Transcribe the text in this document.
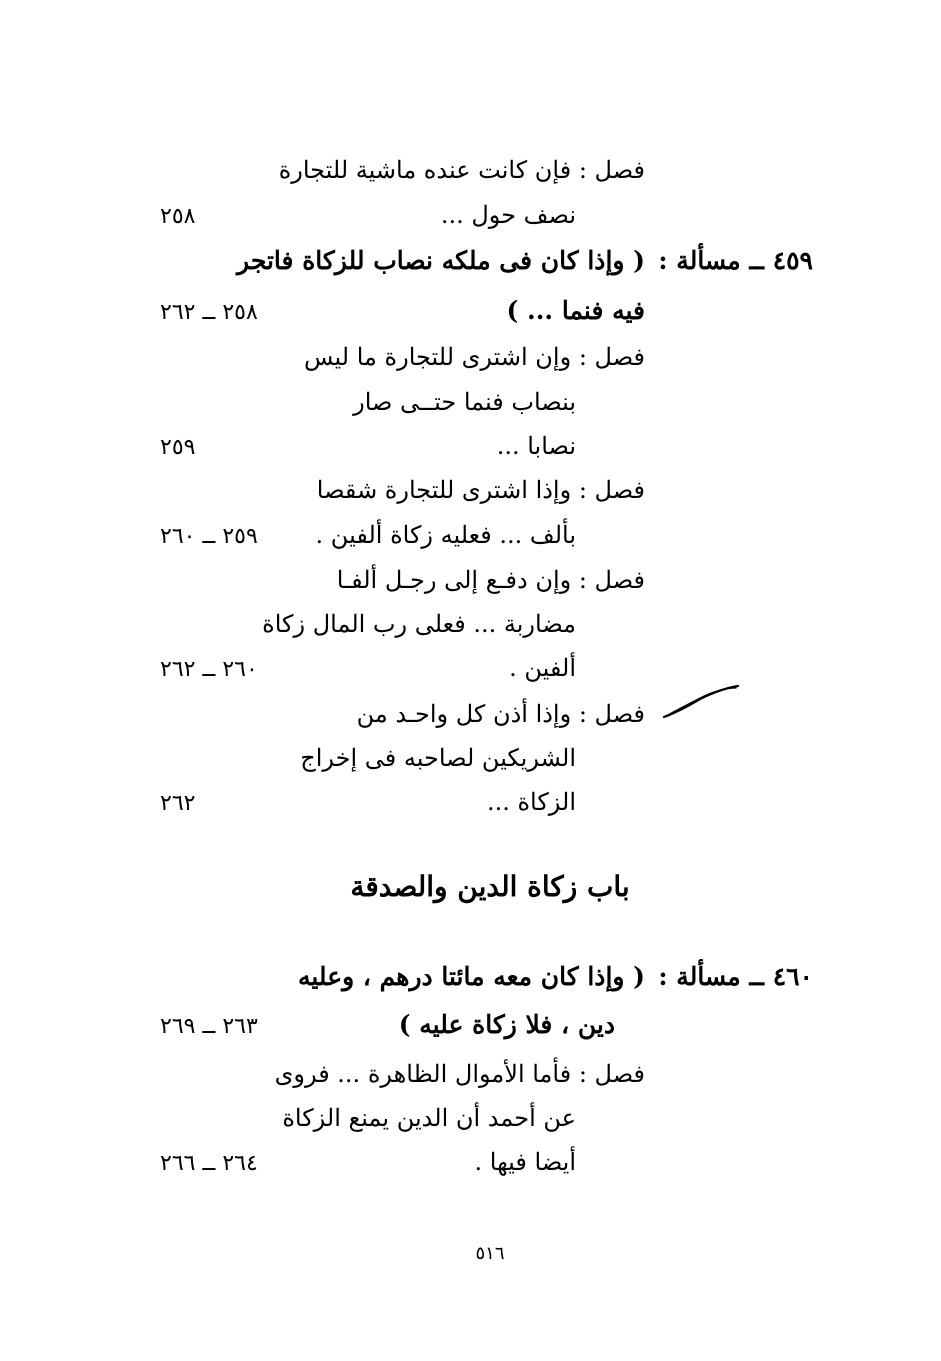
فصل : فإن كانت عنده ماشية للتجارة
نصف حول ...
٢٥٨
٤٥٩ ــ مسألة :
( وإذا كان فى ملكه نصاب للزكاة فاتجر
فيه فنما ... )
٢٥٨ ــ ٢٦٢
فصل : وإن اشترى للتجارة ما ليس
بنصاب فنما حتــى صار
نصابا ...
٢٥٩
فصل : وإذا اشترى للتجارة شقصا
بألف ... فعليه زكاة ألفين .
٢٥٩ ــ ٢٦٠
فصل : وإن دفـع إلى رجـل ألفـا
مضاربة ... فعلى رب المال زكاة
ألفين .
٢٦٠ ــ ٢٦٢
فصل : وإذا أذن كل واحـد من
الشريكين لصاحبه فى إخراج
الزكاة ...
٢٦٢
باب زكاة الدين والصدقة
٤٦٠ ــ مسألة :
( وإذا كان معه مائتا درهم ، وعليه
دين ، فلا زكاة عليه )
٢٦٣ ــ ٢٦٩
فصل : فأما الأموال الظاهرة ... فروى
عن أحمد أن الدين يمنع الزكاة
أيضا فيها .
٢٦٤ ــ ٢٦٦
٥١٦
